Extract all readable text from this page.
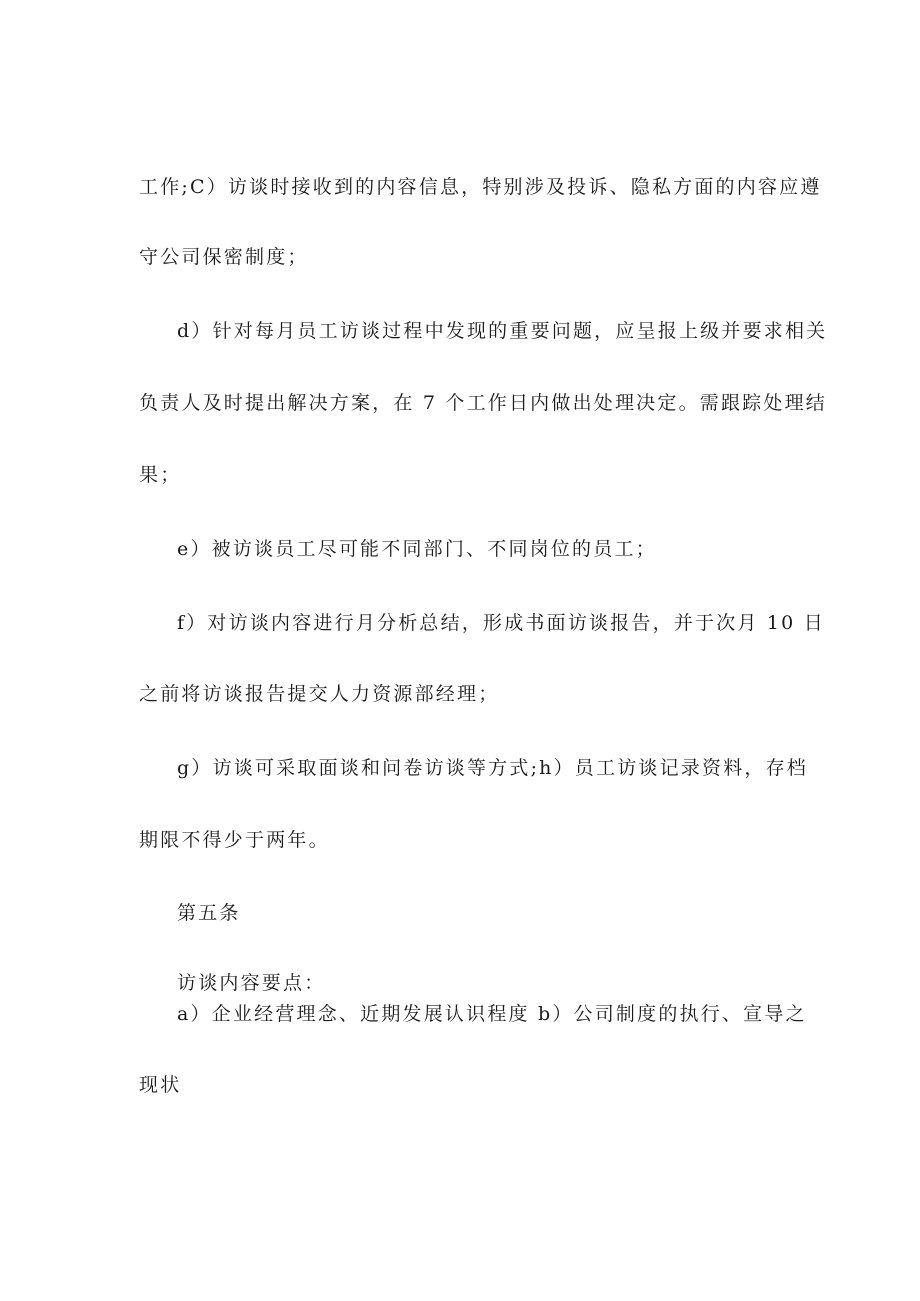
工作;C）访谈时接收到的内容信息，特别涉及投诉、隐私方面的内容应遵
守公司保密制度；
d）针对每月员工访谈过程中发现的重要问题，应呈报上级并要求相关
负责人及时提出解决方案，在 7 个工作日内做出处理决定。需跟踪处理结
果；
e）被访谈员工尽可能不同部门、不同岗位的员工；
f）对访谈内容进行月分析总结，形成书面访谈报告，并于次月 10 日
之前将访谈报告提交人力资源部经理；
g）访谈可采取面谈和问卷访谈等方式;h）员工访谈记录资料，存档
期限不得少于两年。
第五条
访谈内容要点：
a）企业经营理念、近期发展认识程度 b）公司制度的执行、宣导之
现状
